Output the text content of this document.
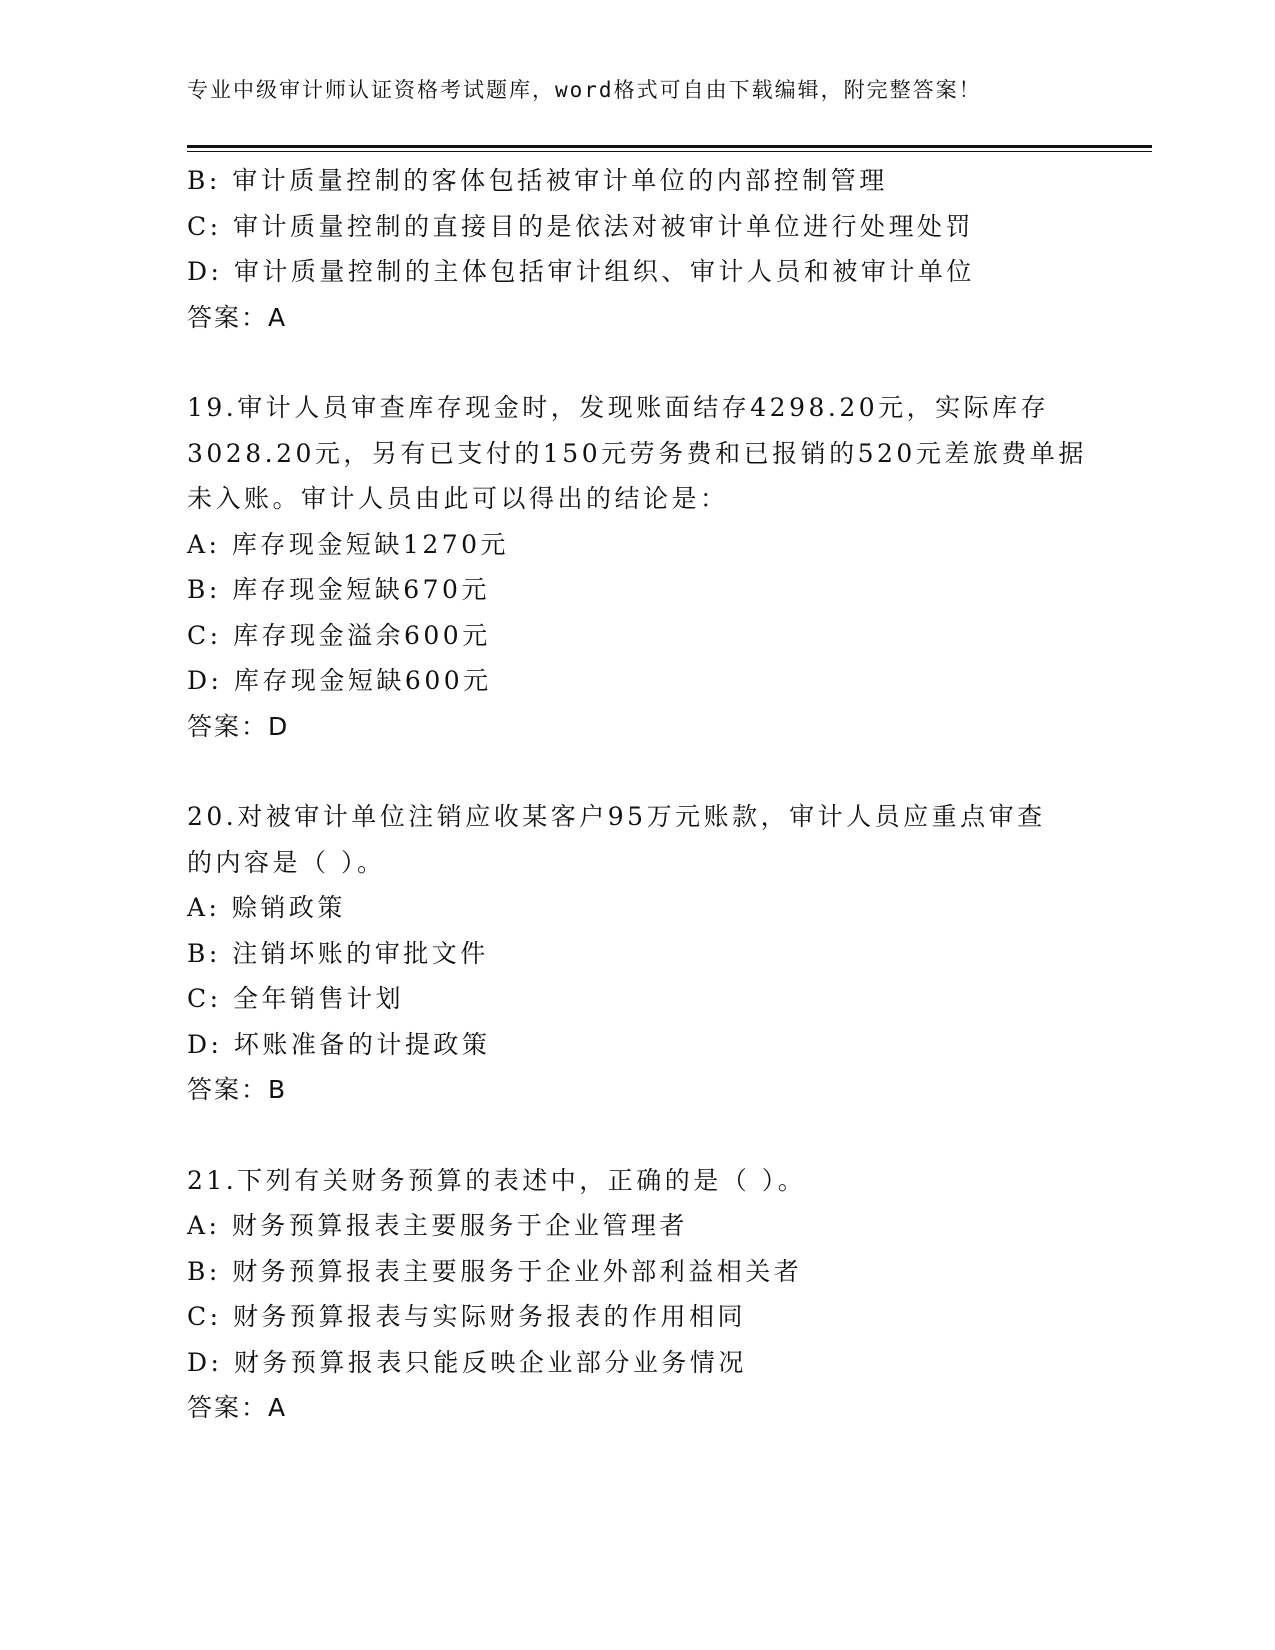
专业中级审计师认证资格考试题库，word格式可自由下载编辑，附完整答案！
B: 审计质量控制的客体包括被审计单位的内部控制管理
C: 审计质量控制的直接目的是依法对被审计单位进行处理处罚
D: 审计质量控制的主体包括审计组织、审计人员和被审计单位
答案：A
19.审计人员审查库存现金时，发现账面结存4298.20元，实际库存
3028.20元，另有已支付的150元劳务费和已报销的520元差旅费单据
未入账。审计人员由此可以得出的结论是：
A: 库存现金短缺1270元
B: 库存现金短缺670元
C: 库存现金溢余600元
D: 库存现金短缺600元
答案：D
20.对被审计单位注销应收某客户95万元账款，审计人员应重点审查
的内容是（ ）。
A: 赊销政策
B: 注销坏账的审批文件
C: 全年销售计划
D: 坏账准备的计提政策
答案：B
21.下列有关财务预算的表述中，正确的是（ ）。
A: 财务预算报表主要服务于企业管理者
B: 财务预算报表主要服务于企业外部利益相关者
C: 财务预算报表与实际财务报表的作用相同
D: 财务预算报表只能反映企业部分业务情况
答案：A
